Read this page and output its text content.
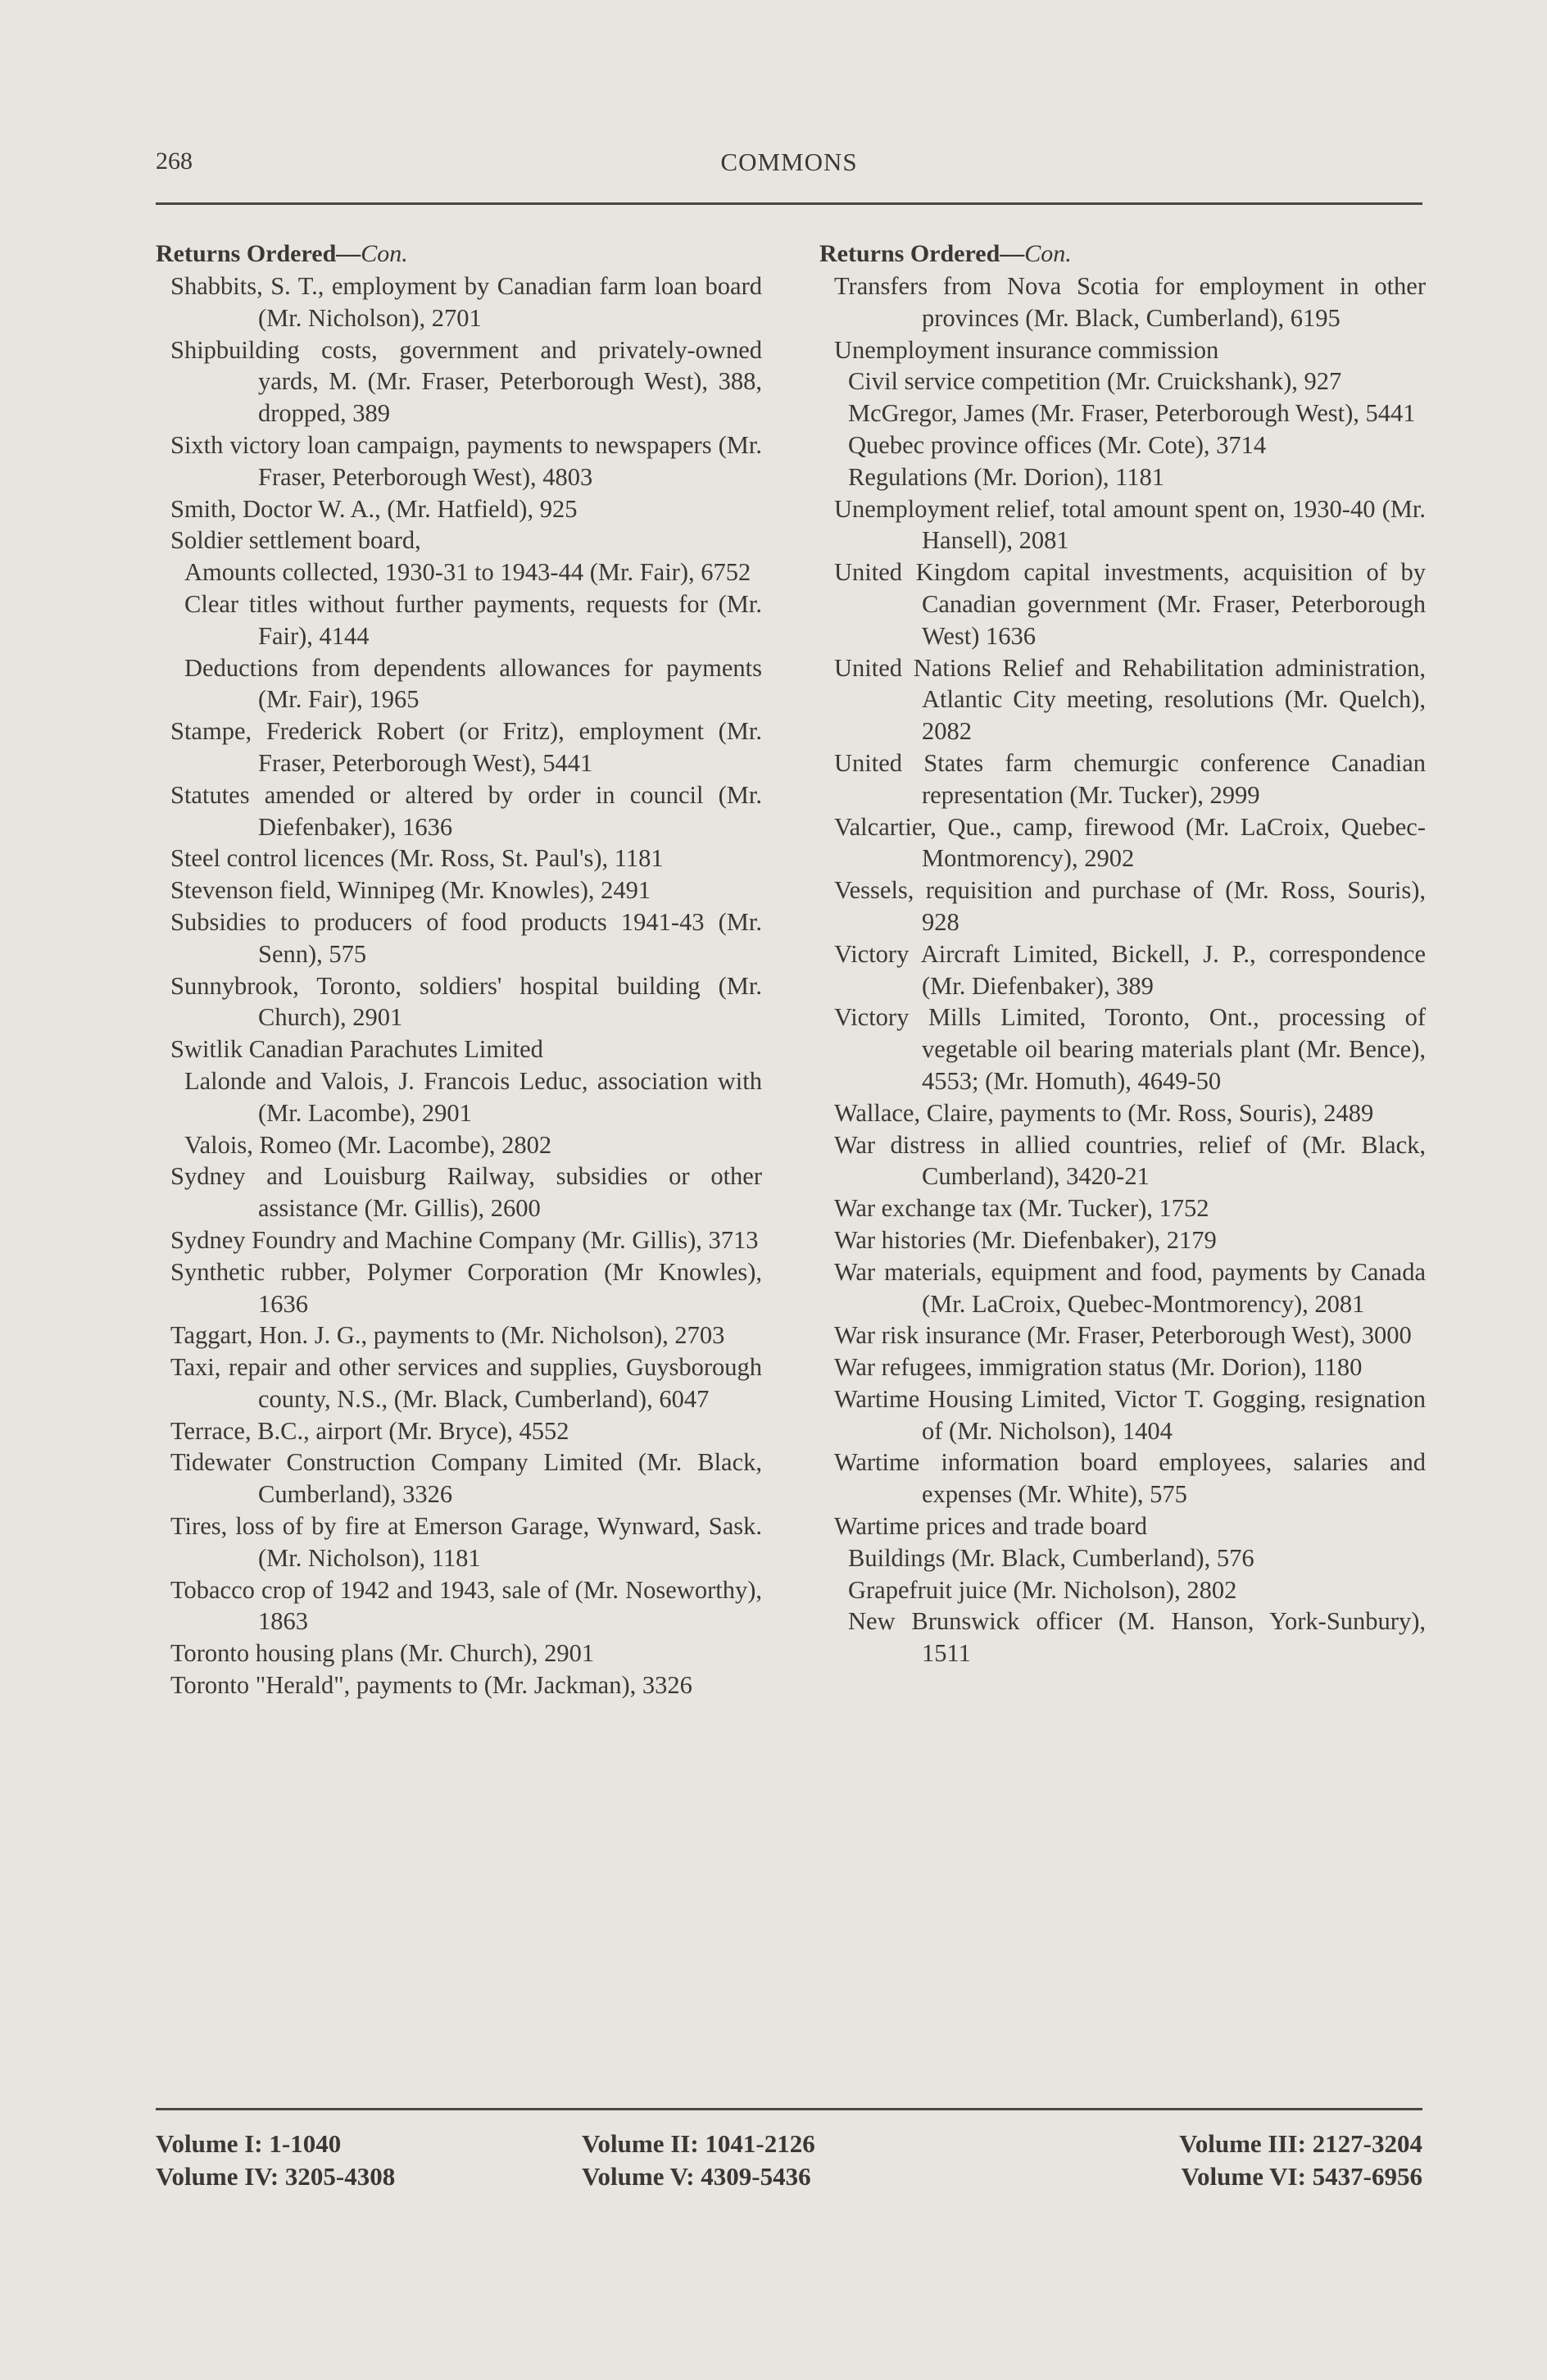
268	COMMONS
Returns Ordered—Con.
Shabbits, S. T., employment by Canadian farm loan board (Mr. Nicholson), 2701
Shipbuilding costs, government and privately-owned yards, M. (Mr. Fraser, Peterborough West), 388, dropped, 389
Sixth victory loan campaign, payments to newspapers (Mr. Fraser, Peterborough West), 4803
Smith, Doctor W. A., (Mr. Hatfield), 925
Soldier settlement board,
Amounts collected, 1930-31 to 1943-44 (Mr. Fair), 6752
Clear titles without further payments, requests for (Mr. Fair), 4144
Deductions from dependents allowances for payments (Mr. Fair), 1965
Stampe, Frederick Robert (or Fritz), employment (Mr. Fraser, Peterborough West), 5441
Statutes amended or altered by order in council (Mr. Diefenbaker), 1636
Steel control licences (Mr. Ross, St. Paul's), 1181
Stevenson field, Winnipeg (Mr. Knowles), 2491
Subsidies to producers of food products 1941-43 (Mr. Senn), 575
Sunnybrook, Toronto, soldiers' hospital building (Mr. Church), 2901
Switlik Canadian Parachutes Limited
Lalonde and Valois, J. Francois Leduc, association with (Mr. Lacombe), 2901
Valois, Romeo (Mr. Lacombe), 2802
Sydney and Louisburg Railway, subsidies or other assistance (Mr. Gillis), 2600
Sydney Foundry and Machine Company (Mr. Gillis), 3713
Synthetic rubber, Polymer Corporation (Mr Knowles), 1636
Taggart, Hon. J. G., payments to (Mr. Nicholson), 2703
Taxi, repair and other services and supplies, Guysborough county, N.S., (Mr. Black, Cumberland), 6047
Terrace, B.C., airport (Mr. Bryce), 4552
Tidewater Construction Company Limited (Mr. Black, Cumberland), 3326
Tires, loss of by fire at Emerson Garage, Wynward, Sask. (Mr. Nicholson), 1181
Tobacco crop of 1942 and 1943, sale of (Mr. Noseworthy), 1863
Toronto housing plans (Mr. Church), 2901
Toronto "Herald", payments to (Mr. Jackman), 3326
Returns Ordered—Con.
Transfers from Nova Scotia for employment in other provinces (Mr. Black, Cumberland), 6195
Unemployment insurance commission
Civil service competition (Mr. Cruickshank), 927
McGregor, James (Mr. Fraser, Peterborough West), 5441
Quebec province offices (Mr. Cote), 3714
Regulations (Mr. Dorion), 1181
Unemployment relief, total amount spent on, 1930-40 (Mr. Hansell), 2081
United Kingdom capital investments, acquisition of by Canadian government (Mr. Fraser, Peterborough West) 1636
United Nations Relief and Rehabilitation administration, Atlantic City meeting, resolutions (Mr. Quelch), 2082
United States farm chemurgic conference Canadian representation (Mr. Tucker), 2999
Valcartier, Que., camp, firewood (Mr. LaCroix, Quebec-Montmorency), 2902
Vessels, requisition and purchase of (Mr. Ross, Souris), 928
Victory Aircraft Limited, Bickell, J. P., correspondence (Mr. Diefenbaker), 389
Victory Mills Limited, Toronto, Ont., processing of vegetable oil bearing materials plant (Mr. Bence), 4553; (Mr. Homuth), 4649-50
Wallace, Claire, payments to (Mr. Ross, Souris), 2489
War distress in allied countries, relief of (Mr. Black, Cumberland), 3420-21
War exchange tax (Mr. Tucker), 1752
War histories (Mr. Diefenbaker), 2179
War materials, equipment and food, payments by Canada (Mr. LaCroix, Quebec-Montmorency), 2081
War risk insurance (Mr. Fraser, Peterborough West), 3000
War refugees, immigration status (Mr. Dorion), 1180
Wartime Housing Limited, Victor T. Gogging, resignation of (Mr. Nicholson), 1404
Wartime information board employees, salaries and expenses (Mr. White), 575
Wartime prices and trade board
Buildings (Mr. Black, Cumberland), 576
Grapefruit juice (Mr. Nicholson), 2802
New Brunswick officer (M. Hanson, York-Sunbury), 1511
Volume I: 1-1040
Volume IV: 3205-4308
Volume II: 1041-2126
Volume V: 4309-5436
Volume III: 2127-3204
Volume VI: 5437-6956
